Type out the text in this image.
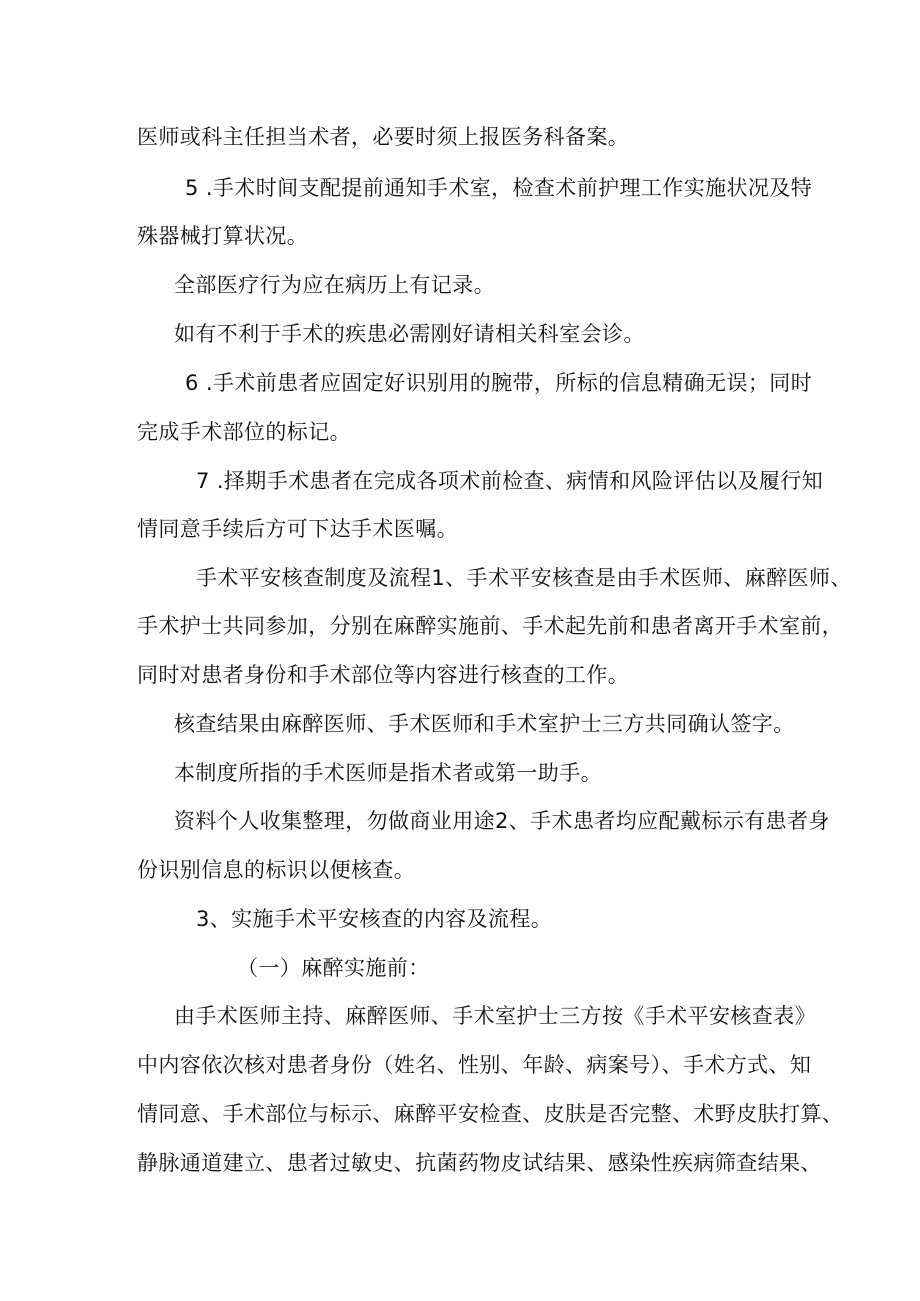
医师或科主任担当术者，必要时须上报医务科备案。
5 .手术时间支配提前通知手术室，检查术前护理工作实施状况及特
殊器械打算状况。
全部医疗行为应在病历上有记录。
如有不利于手术的疾患必需刚好请相关科室会诊。
6 .手术前患者应固定好识别用的腕带，所标的信息精确无误；同时
完成手术部位的标记。
7 .择期手术患者在完成各项术前检查、病情和风险评估以及履行知
情同意手续后方可下达手术医嘱。
手术平安核查制度及流程1、手术平安核查是由手术医师、麻醉医师、
手术护士共同参加，分别在麻醉实施前、手术起先前和患者离开手术室前，
同时对患者身份和手术部位等内容进行核查的工作。
核查结果由麻醉医师、手术医师和手术室护士三方共同确认签字。
本制度所指的手术医师是指术者或第一助手。
资料个人收集整理，勿做商业用途2、手术患者均应配戴标示有患者身
份识别信息的标识以便核查。
3、实施手术平安核查的内容及流程。
（一）麻醉实施前：
由手术医师主持、麻醉医师、手术室护士三方按《手术平安核查表》
中内容依次核对患者身份（姓名、性别、年龄、病案号）、手术方式、知
情同意、手术部位与标示、麻醉平安检查、皮肤是否完整、术野皮肤打算、
静脉通道建立、患者过敏史、抗菌药物皮试结果、感染性疾病筛查结果、
